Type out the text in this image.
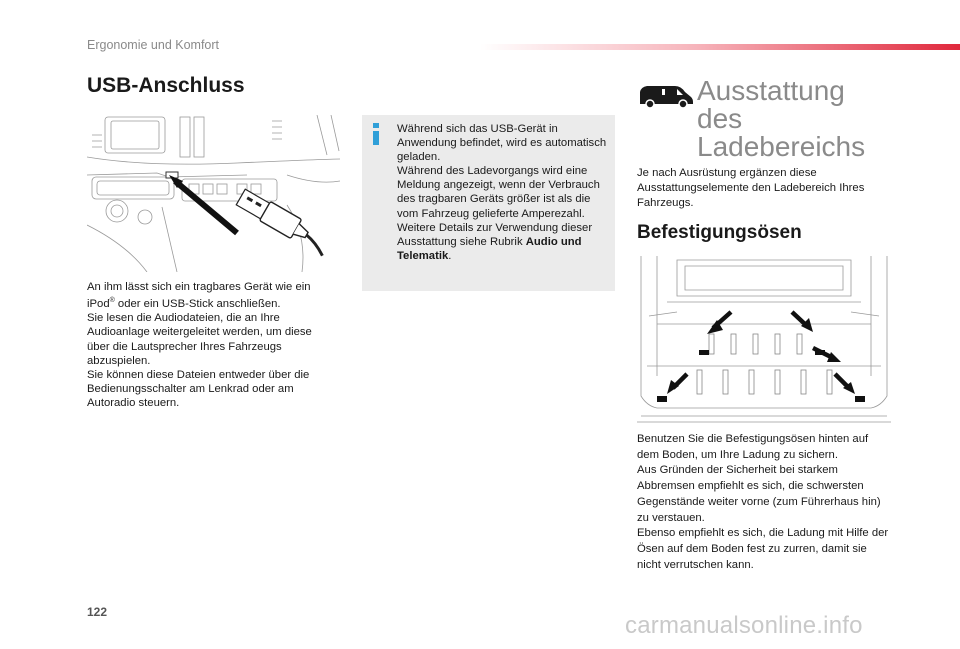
Ergonomie und Komfort
USB-Anschluss

An ihm lässt sich ein tragbares Gerät wie ein iPod® oder ein USB-Stick anschließen.
Sie lesen die Audiodateien, die an Ihre Audioanlage weitergeleitet werden, um diese über die Lautsprecher Ihres Fahrzeugs abzuspielen.
Sie können diese Dateien entweder über die Bedienungsschalter am Lenkrad oder am Autoradio steuern.

Während sich das USB-Gerät in Anwendung befindet, wird es automatisch geladen.
Während des Ladevorgangs wird eine Meldung angezeigt, wenn der Verbrauch des tragbaren Geräts größer ist als die vom Fahrzeug gelieferte Amperezahl.
Weitere Details zur Verwendung dieser Ausstattung siehe Rubrik Audio und Telematik.

Ausstattung
des
Ladebereichs

Je nach Ausrüstung ergänzen diese Ausstattungselemente den Ladebereich Ihres Fahrzeugs.

Befestigungsösen

Benutzen Sie die Befestigungsösen hinten auf dem Boden, um Ihre Ladung zu sichern.
Aus Gründen der Sicherheit bei starkem Abbremsen empfiehlt es sich, die schwersten Gegenstände weiter vorne (zum Führerhaus hin) zu verstauen.
Ebenso empfiehlt es sich, die Ladung mit Hilfe der Ösen auf dem Boden fest zu zurren, damit sie nicht verrutschen kann.

122	carmanualsonline.info
